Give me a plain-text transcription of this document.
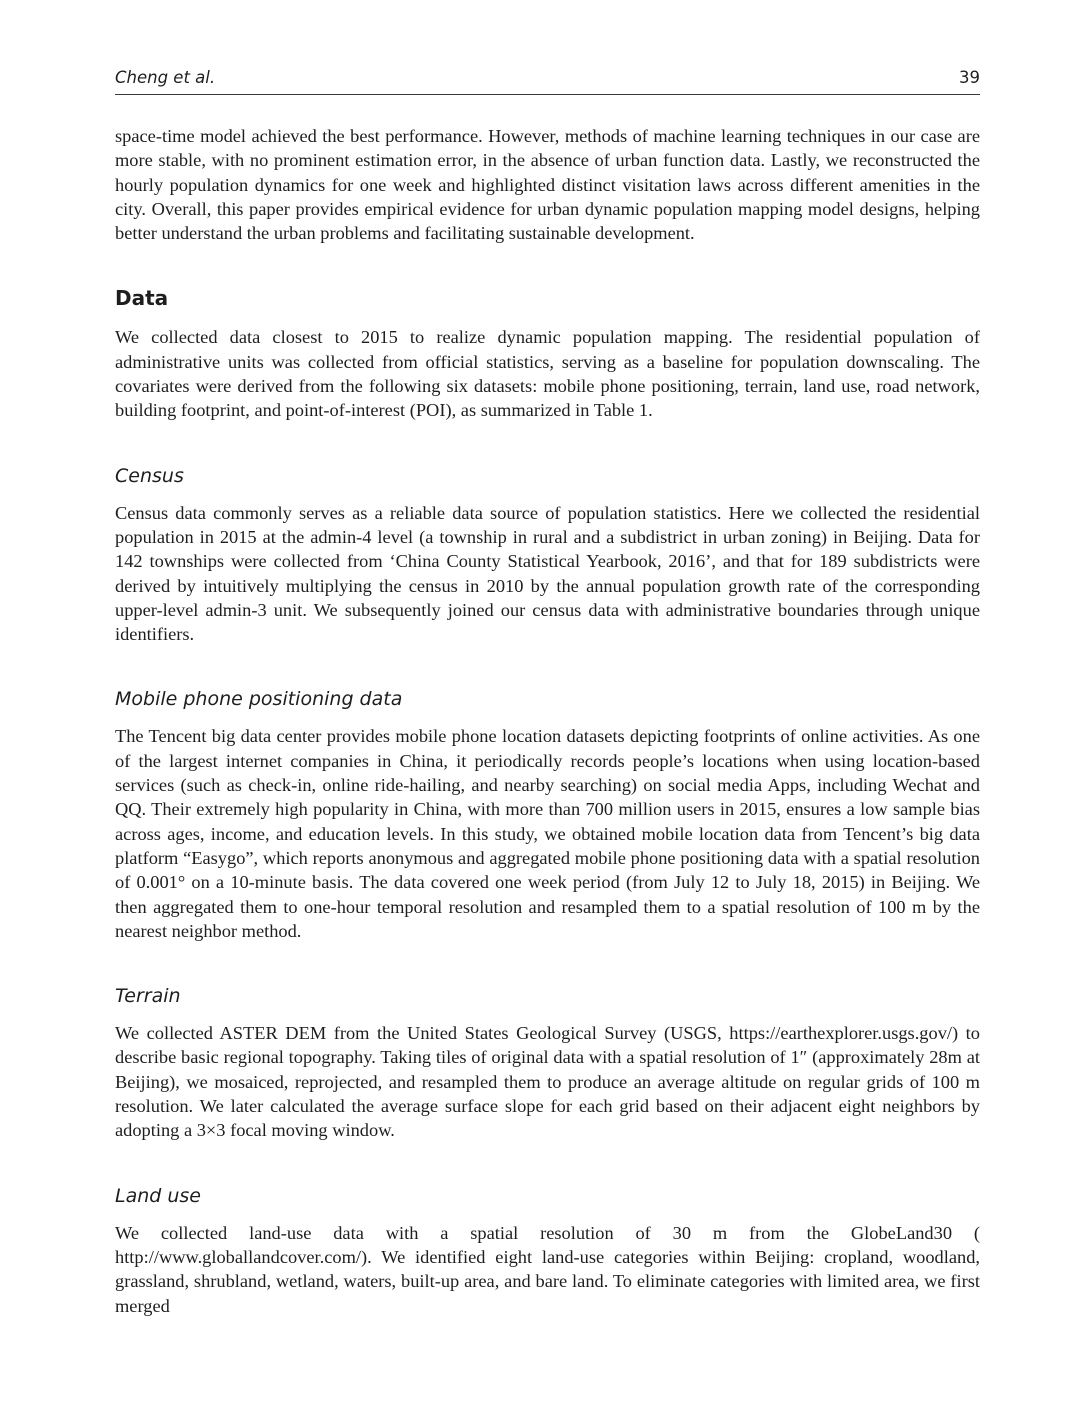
Cheng et al.	39

space-time model achieved the best performance. However, methods of machine learning techniques in our case are more stable, with no prominent estimation error, in the absence of urban function data. Lastly, we reconstructed the hourly population dynamics for one week and highlighted distinct visitation laws across different amenities in the city. Overall, this paper provides empirical evidence for urban dynamic population mapping model designs, helping better understand the urban problems and facilitating sustainable development.

Data

We collected data closest to 2015 to realize dynamic population mapping. The residential population of administrative units was collected from official statistics, serving as a baseline for population downscaling. The covariates were derived from the following six datasets: mobile phone positioning, terrain, land use, road network, building footprint, and point-of-interest (POI), as summarized in Table 1.

Census

Census data commonly serves as a reliable data source of population statistics. Here we collected the residential population in 2015 at the admin-4 level (a township in rural and a subdistrict in urban zoning) in Beijing. Data for 142 townships were collected from ‘China County Statistical Yearbook, 2016’, and that for 189 subdistricts were derived by intuitively multiplying the census in 2010 by the annual population growth rate of the corresponding upper-level admin-3 unit. We subsequently joined our census data with administrative boundaries through unique identifiers.

Mobile phone positioning data

The Tencent big data center provides mobile phone location datasets depicting footprints of online activities. As one of the largest internet companies in China, it periodically records people’s locations when using location-based services (such as check-in, online ride-hailing, and nearby searching) on social media Apps, including Wechat and QQ. Their extremely high popularity in China, with more than 700 million users in 2015, ensures a low sample bias across ages, income, and education levels. In this study, we obtained mobile location data from Tencent’s big data platform “Easygo”, which reports anonymous and aggregated mobile phone positioning data with a spatial resolution of 0.001° on a 10-minute basis. The data covered one week period (from July 12 to July 18, 2015) in Beijing. We then aggregated them to one-hour temporal resolution and resampled them to a spatial resolution of 100 m by the nearest neighbor method.

Terrain

We collected ASTER DEM from the United States Geological Survey (USGS, https://earthexplorer.usgs.gov/) to describe basic regional topography. Taking tiles of original data with a spatial resolution of 1″ (approximately 28m at Beijing), we mosaiced, reprojected, and resampled them to produce an average altitude on regular grids of 100 m resolution. We later calculated the average surface slope for each grid based on their adjacent eight neighbors by adopting a 3×3 focal moving window.

Land use

We collected land-use data with a spatial resolution of 30 m from the GlobeLand30 ( http://www.globallandcover.com/). We identified eight land-use categories within Beijing: cropland, woodland, grassland, shrubland, wetland, waters, built-up area, and bare land. To eliminate categories with limited area, we first merged
